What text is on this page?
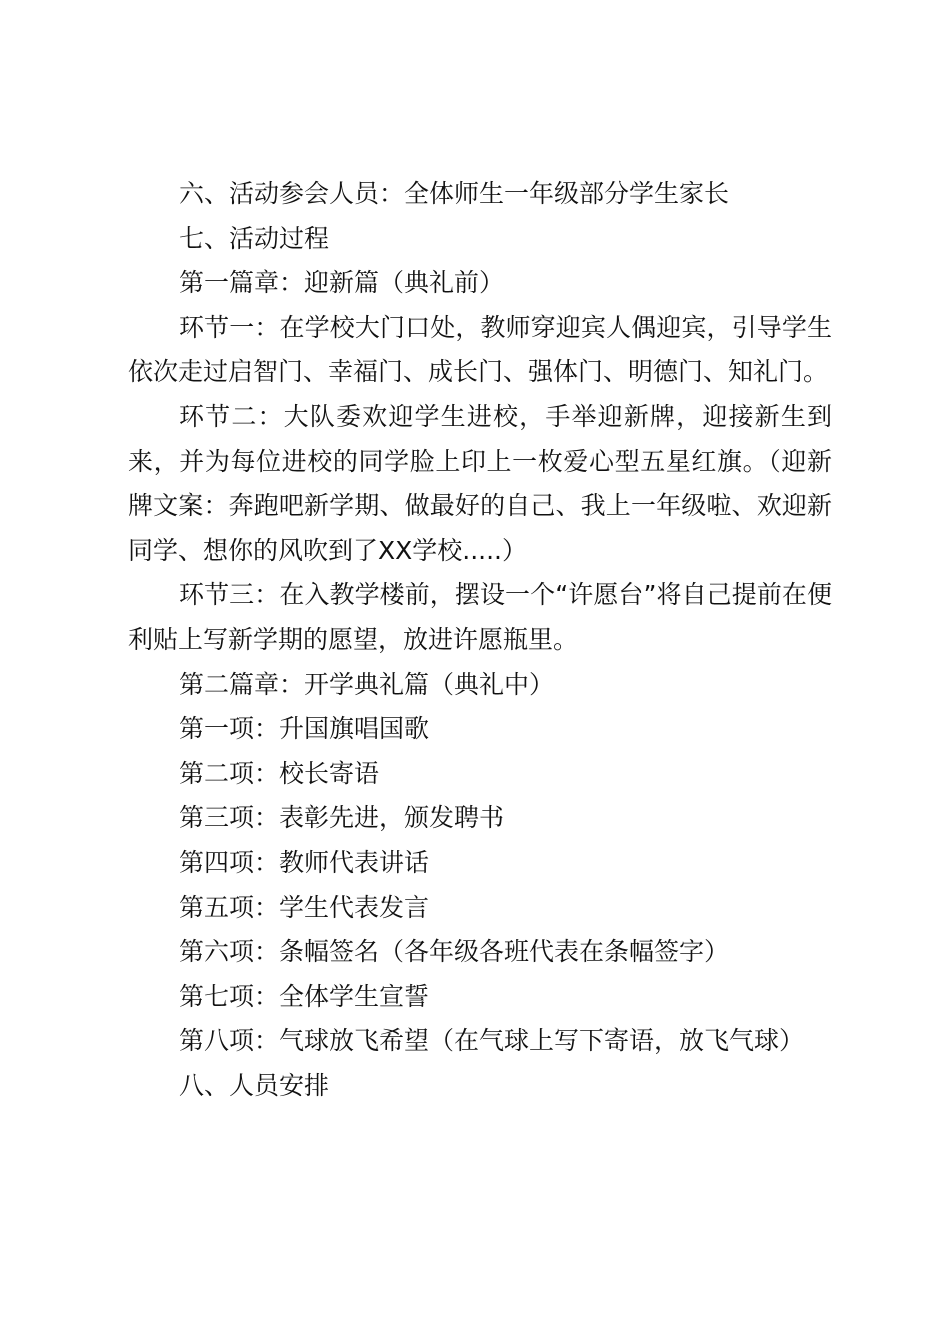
六、活动参会人员：全体师生一年级部分学生家长

七、活动过程

第一篇章：迎新篇（典礼前）

环节一：在学校大门口处，教师穿迎宾人偶迎宾，引导学生依次走过启智门、幸福门、成长门、强体门、明德门、知礼门。

环节二：大队委欢迎学生进校，手举迎新牌，迎接新生到来，并为每位进校的同学脸上印上一枚爱心型五星红旗。（迎新牌文案：奔跑吧新学期、做最好的自己、我上一年级啦、欢迎新同学、想你的风吹到了XX学校.....）

环节三：在入教学楼前，摆设一个“许愿台”将自己提前在便利贴上写新学期的愿望，放进许愿瓶里。

第二篇章：开学典礼篇（典礼中）

第一项：升国旗唱国歌

第二项：校长寄语

第三项：表彰先进，颁发聘书

第四项：教师代表讲话

第五项：学生代表发言

第六项：条幅签名（各年级各班代表在条幅签字）

第七项：全体学生宣誓

第八项：气球放飞希望（在气球上写下寄语，放飞气球）

八、人员安排
